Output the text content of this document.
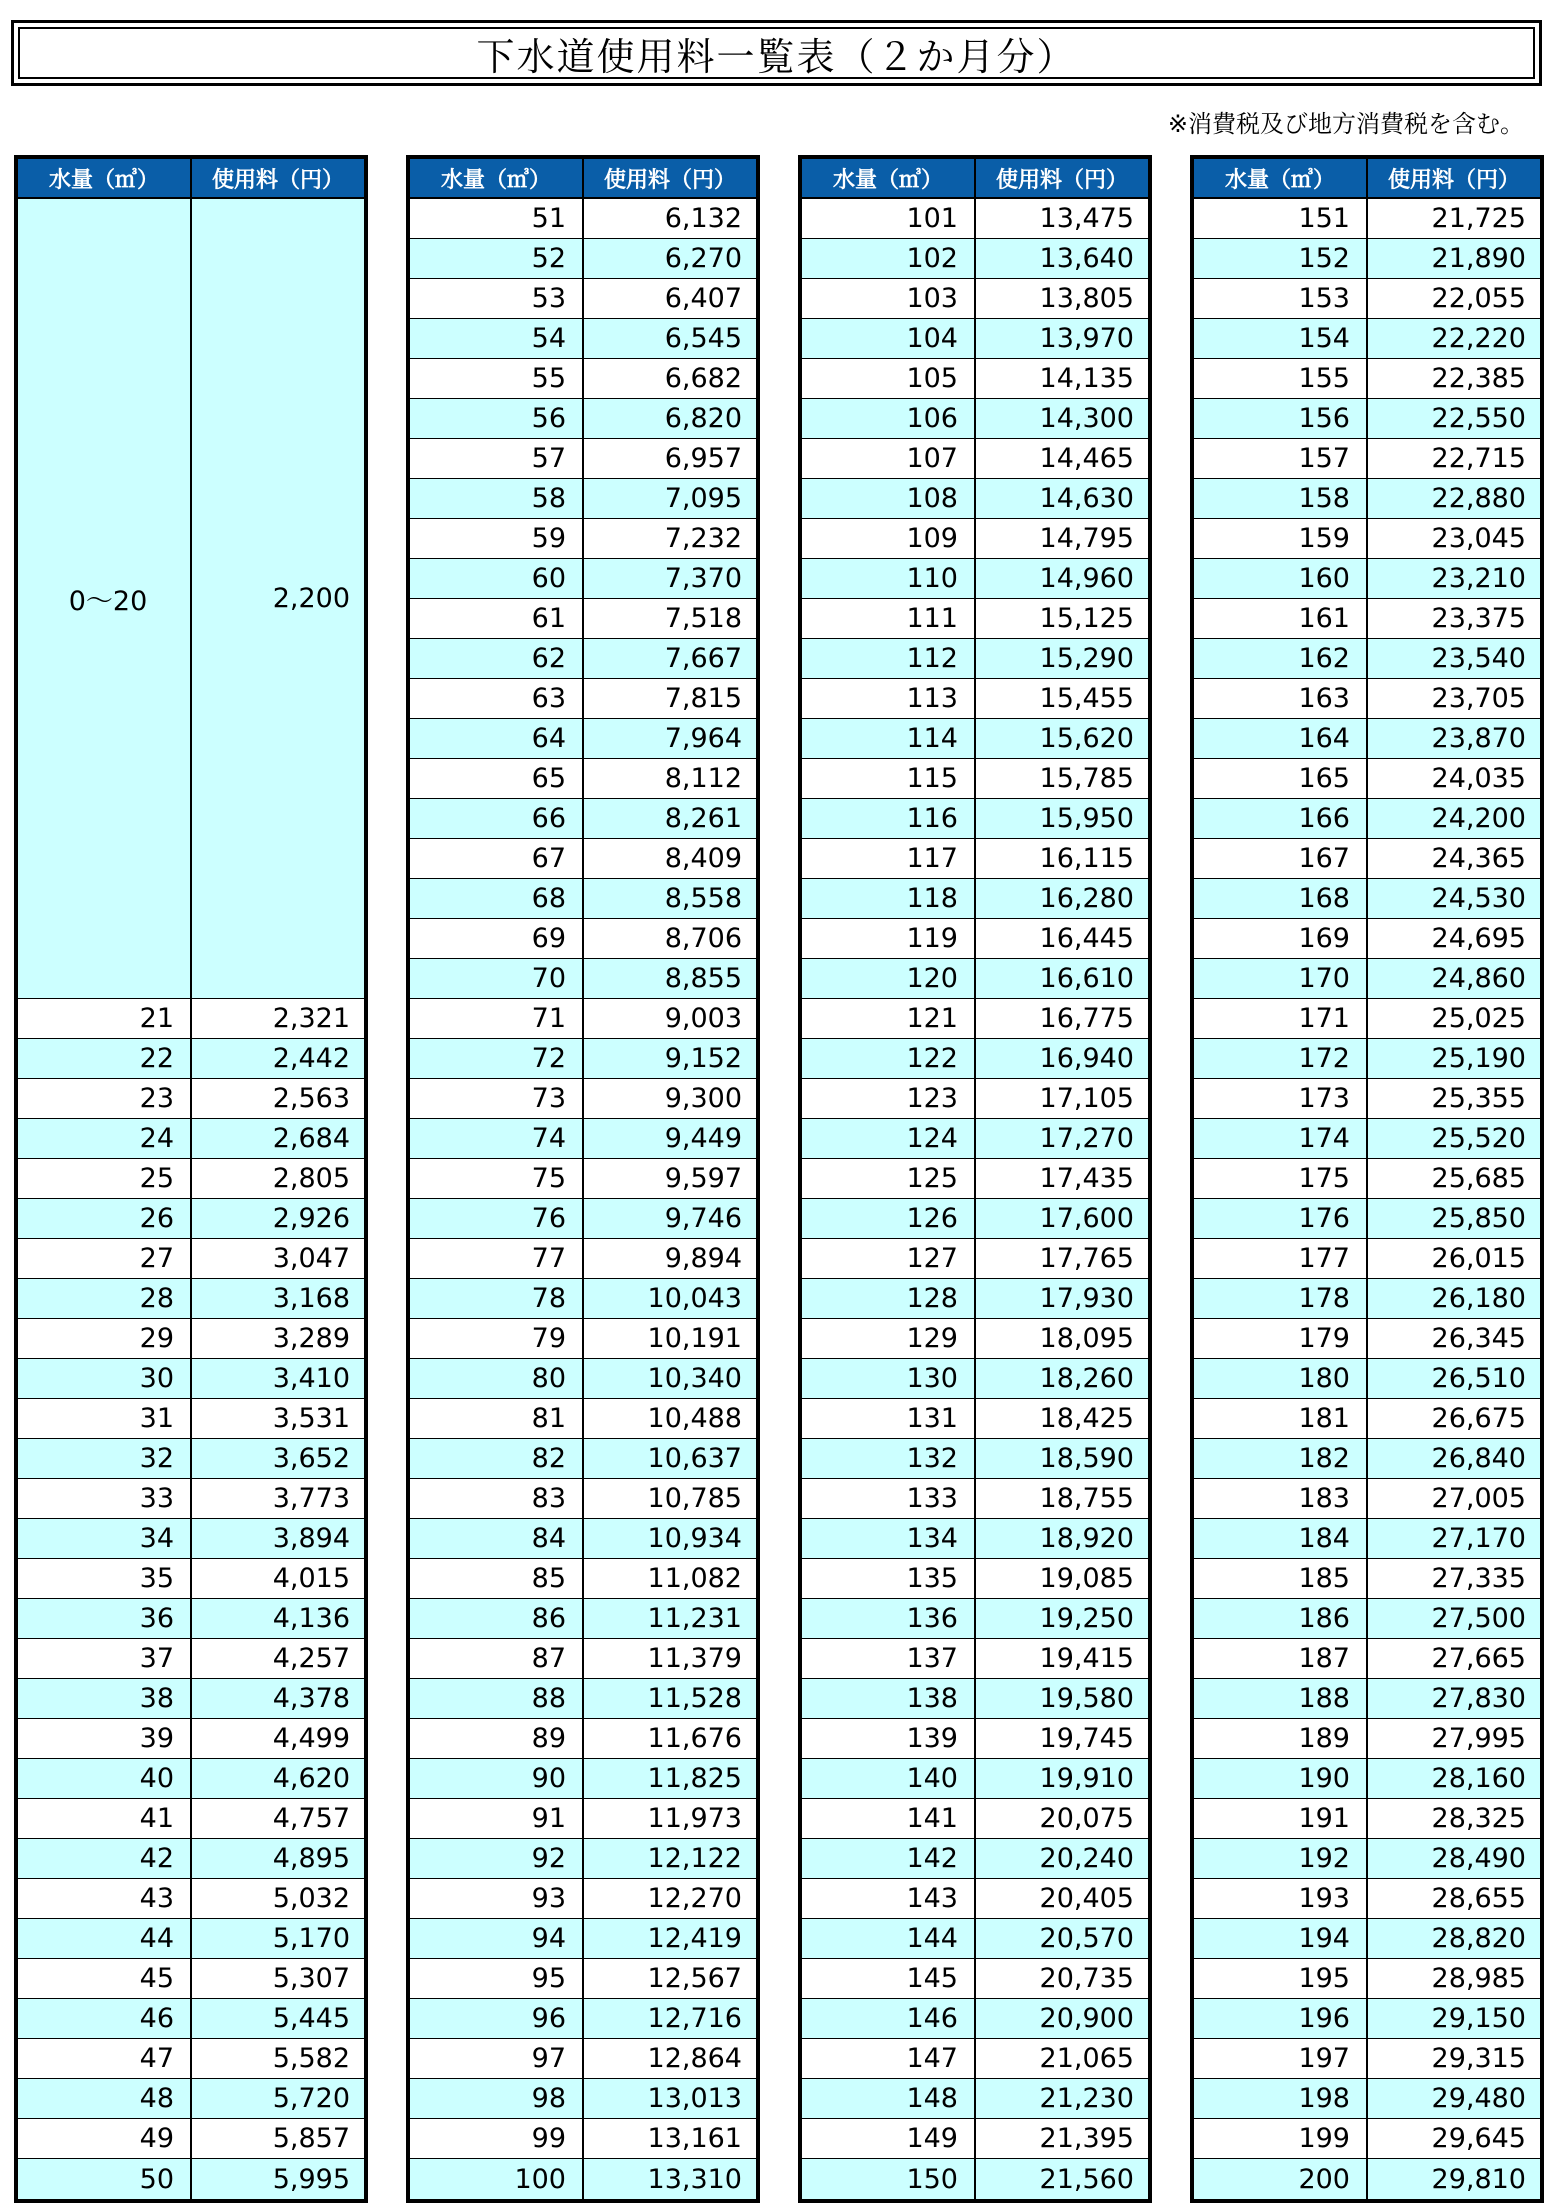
下水道使用料一覧表（２か月分）
※消費税及び地方消費税を含む。
水量（㎥）	使用料（円）
0～20	2,200
21	2,321
22	2,442
23	2,563
24	2,684
25	2,805
26	2,926
27	3,047
28	3,168
29	3,289
30	3,410
31	3,531
32	3,652
33	3,773
34	3,894
35	4,015
36	4,136
37	4,257
38	4,378
39	4,499
40	4,620
41	4,757
42	4,895
43	5,032
44	5,170
45	5,307
46	5,445
47	5,582
48	5,720
49	5,857
50	5,995
水量（㎥）	使用料（円）
51	6,132
52	6,270
53	6,407
54	6,545
55	6,682
56	6,820
57	6,957
58	7,095
59	7,232
60	7,370
61	7,518
62	7,667
63	7,815
64	7,964
65	8,112
66	8,261
67	8,409
68	8,558
69	8,706
70	8,855
71	9,003
72	9,152
73	9,300
74	9,449
75	9,597
76	9,746
77	9,894
78	10,043
79	10,191
80	10,340
81	10,488
82	10,637
83	10,785
84	10,934
85	11,082
86	11,231
87	11,379
88	11,528
89	11,676
90	11,825
91	11,973
92	12,122
93	12,270
94	12,419
95	12,567
96	12,716
97	12,864
98	13,013
99	13,161
100	13,310
水量（㎥）	使用料（円）
101	13,475
102	13,640
103	13,805
104	13,970
105	14,135
106	14,300
107	14,465
108	14,630
109	14,795
110	14,960
111	15,125
112	15,290
113	15,455
114	15,620
115	15,785
116	15,950
117	16,115
118	16,280
119	16,445
120	16,610
121	16,775
122	16,940
123	17,105
124	17,270
125	17,435
126	17,600
127	17,765
128	17,930
129	18,095
130	18,260
131	18,425
132	18,590
133	18,755
134	18,920
135	19,085
136	19,250
137	19,415
138	19,580
139	19,745
140	19,910
141	20,075
142	20,240
143	20,405
144	20,570
145	20,735
146	20,900
147	21,065
148	21,230
149	21,395
150	21,560
水量（㎥）	使用料（円）
151	21,725
152	21,890
153	22,055
154	22,220
155	22,385
156	22,550
157	22,715
158	22,880
159	23,045
160	23,210
161	23,375
162	23,540
163	23,705
164	23,870
165	24,035
166	24,200
167	24,365
168	24,530
169	24,695
170	24,860
171	25,025
172	25,190
173	25,355
174	25,520
175	25,685
176	25,850
177	26,015
178	26,180
179	26,345
180	26,510
181	26,675
182	26,840
183	27,005
184	27,170
185	27,335
186	27,500
187	27,665
188	27,830
189	27,995
190	28,160
191	28,325
192	28,490
193	28,655
194	28,820
195	28,985
196	29,150
197	29,315
198	29,480
199	29,645
200	29,810
